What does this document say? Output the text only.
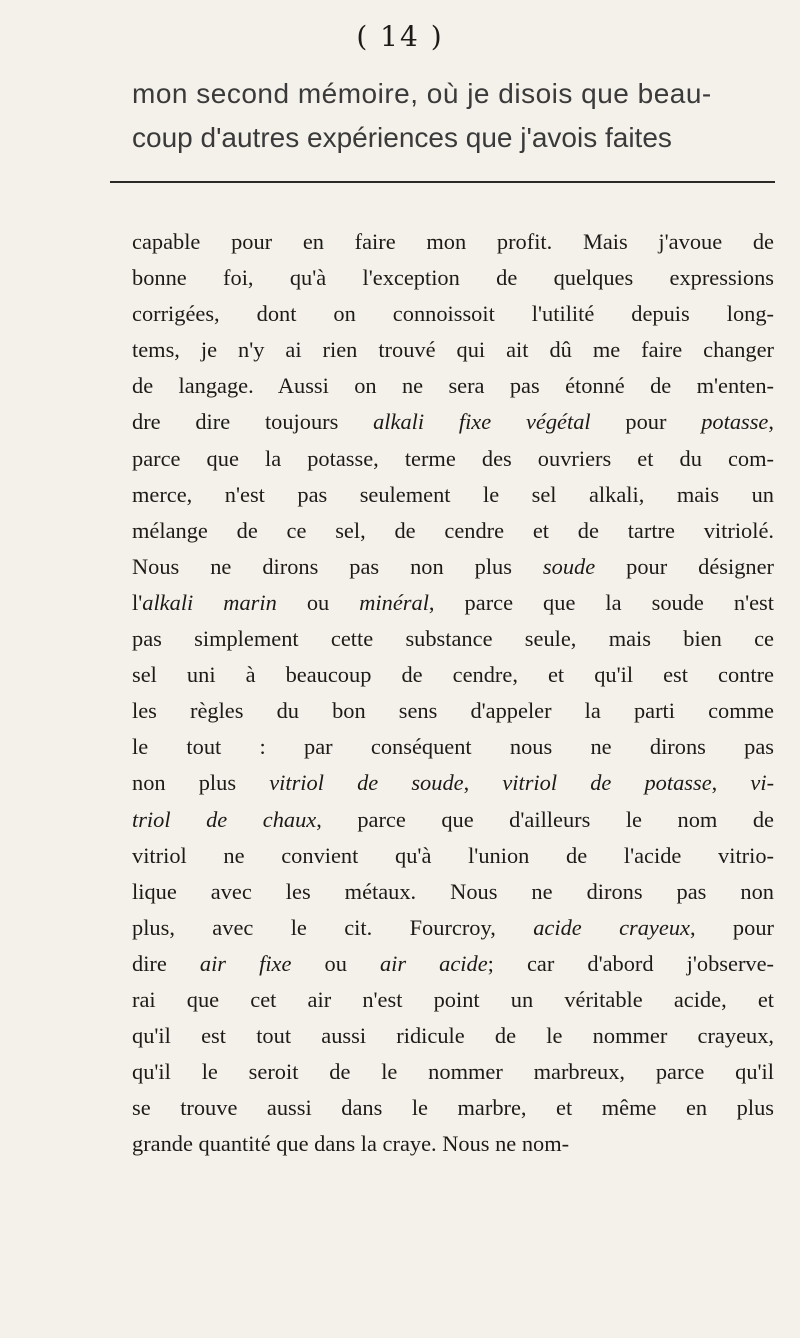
( 14 )
mon second mémoire, où je disois que beau-
coup d'autres expériences que j'avois faites
capable pour en faire mon profit. Mais j'avoue de
bonne foi, qu'à l'exception de quelques expressions
corrigées, dont on connoissoit l'utilité depuis long-
tems, je n'y ai rien trouvé qui ait dû me faire changer
de langage. Aussi on ne sera pas étonné de m'enten-
dre dire toujours alkali fixe végétal pour potasse,
parce que la potasse, terme des ouvriers et du com-
merce, n'est pas seulement le sel alkali, mais un
mélange de ce sel, de cendre et de tartre vitriolé.
Nous ne dirons pas non plus soude pour désigner
l'alkali marin ou minéral, parce que la soude n'est
pas simplement cette substance seule, mais bien ce
sel uni à beaucoup de cendre, et qu'il est contre
les règles du bon sens d'appeler la parti comme
le tout : par conséquent nous ne dirons pas
non plus vitriol de soude, vitriol de potasse, vi-
triol de chaux, parce que d'ailleurs le nom de
vitriol ne convient qu'à l'union de l'acide vitrio-
lique avec les métaux. Nous ne dirons pas non
plus, avec le cit. Fourcroy, acide crayeux, pour
dire air fixe ou air acide; car d'abord j'observe-
rai que cet air n'est point un véritable acide, et
qu'il est tout aussi ridicule de le nommer crayeux,
qu'il le seroit de le nommer marbreux, parce qu'il
se trouve aussi dans le marbre, et même en plus
grande quantité que dans la craye. Nous ne nom-
